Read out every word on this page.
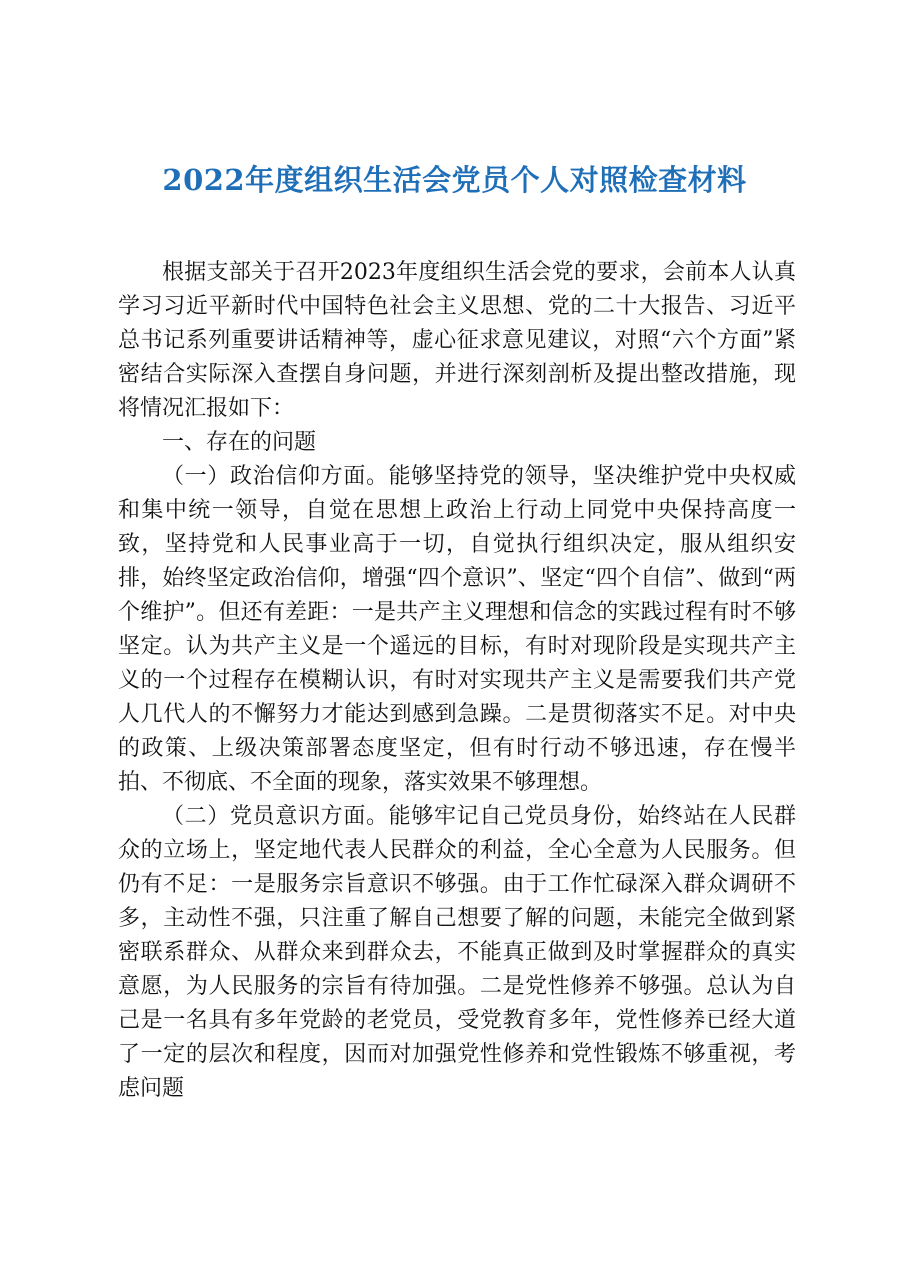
2022年度组织生活会党员个人对照检查材料

根据支部关于召开2023年度组织生活会党的要求，会前本人认真学习习近平新时代中国特色社会主义思想、党的二十大报告、习近平总书记系列重要讲话精神等，虚心征求意见建议，对照“六个方面”紧密结合实际深入查摆自身问题，并进行深刻剖析及提出整改措施，现将情况汇报如下：

一、存在的问题

（一）政治信仰方面。能够坚持党的领导，坚决维护党中央权威和集中统一领导，自觉在思想上政治上行动上同党中央保持高度一致，坚持党和人民事业高于一切，自觉执行组织决定，服从组织安排，始终坚定政治信仰，增强“四个意识”、坚定“四个自信”、做到“两个维护”。但还有差距：一是共产主义理想和信念的实践过程有时不够坚定。认为共产主义是一个遥远的目标，有时对现阶段是实现共产主义的一个过程存在模糊认识，有时对实现共产主义是需要我们共产党人几代人的不懈努力才能达到感到急躁。二是贯彻落实不足。对中央的政策、上级决策部署态度坚定，但有时行动不够迅速，存在慢半拍、不彻底、不全面的现象，落实效果不够理想。

（二）党员意识方面。能够牢记自己党员身份，始终站在人民群众的立场上，坚定地代表人民群众的利益，全心全意为人民服务。但仍有不足：一是服务宗旨意识不够强。由于工作忙碌深入群众调研不多，主动性不强，只注重了解自己想要了解的问题，未能完全做到紧密联系群众、从群众来到群众去，不能真正做到及时掌握群众的真实意愿，为人民服务的宗旨有待加强。二是党性修养不够强。总认为自己是一名具有多年党龄的老党员，受党教育多年，党性修养已经大道了一定的层次和程度，因而对加强党性修养和党性锻炼不够重视，考虑问题
